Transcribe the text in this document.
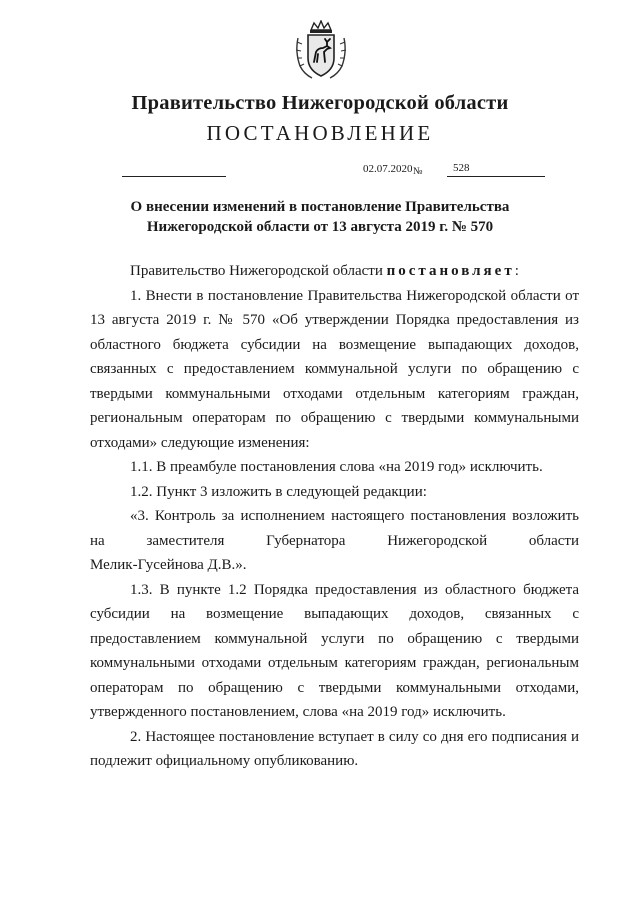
Правительство Нижегородской области
ПОСТАНОВЛЕНИЕ
02.07.2020 №	528
О внесении изменений в постановление Правительства
Нижегородской области от 13 августа 2019 г. № 570

Правительство Нижегородской области постановляет:

1. Внести в постановление Правительства Нижегородской области от 13 августа 2019 г. № 570 «Об утверждении Порядка предоставления из областного бюджета субсидии на возмещение выпадающих доходов, связанных с предоставлением коммунальной услуги по обращению с твердыми коммунальными отходами отдельным категориям граждан, региональным операторам по обращению с твердыми коммунальными отходами» следующие изменения:

1.1. В преамбуле постановления слова «на 2019 год» исключить.

1.2. Пункт 3 изложить в следующей редакции:

«3. Контроль за исполнением настоящего постановления возложить на заместителя Губернатора Нижегородской области

Мелик-Гусейнова Д.В.».

1.3. В пункте 1.2 Порядка предоставления из областного бюджета субсидии на возмещение выпадающих доходов, связанных с предоставлением коммунальной услуги по обращению с твердыми коммунальными отходами отдельным категориям граждан, региональным операторам по обращению с твердыми коммунальными отходами, утвержденного постановлением, слова «на 2019 год» исключить.

2. Настоящее постановление вступает в силу со дня его подписания и подлежит официальному опубликованию.
